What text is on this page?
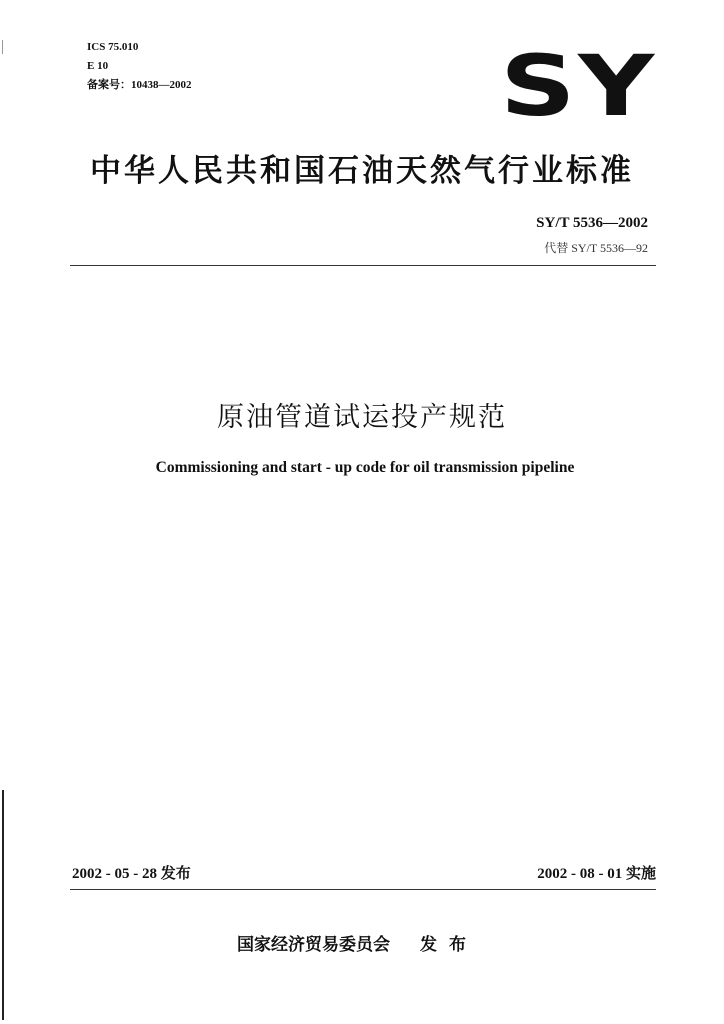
ICS 75.010
E 10
备案号：10438—2002	SY
中华人民共和国石油天然气行业标准
SY/T 5536—2002
代替 SY/T 5536—92
原油管道试运投产规范
Commissioning and start - up code for oil transmission pipeline
2002 - 05 - 28 发布	2002 - 08 - 01 实施
国家经济贸易委员会 发布
